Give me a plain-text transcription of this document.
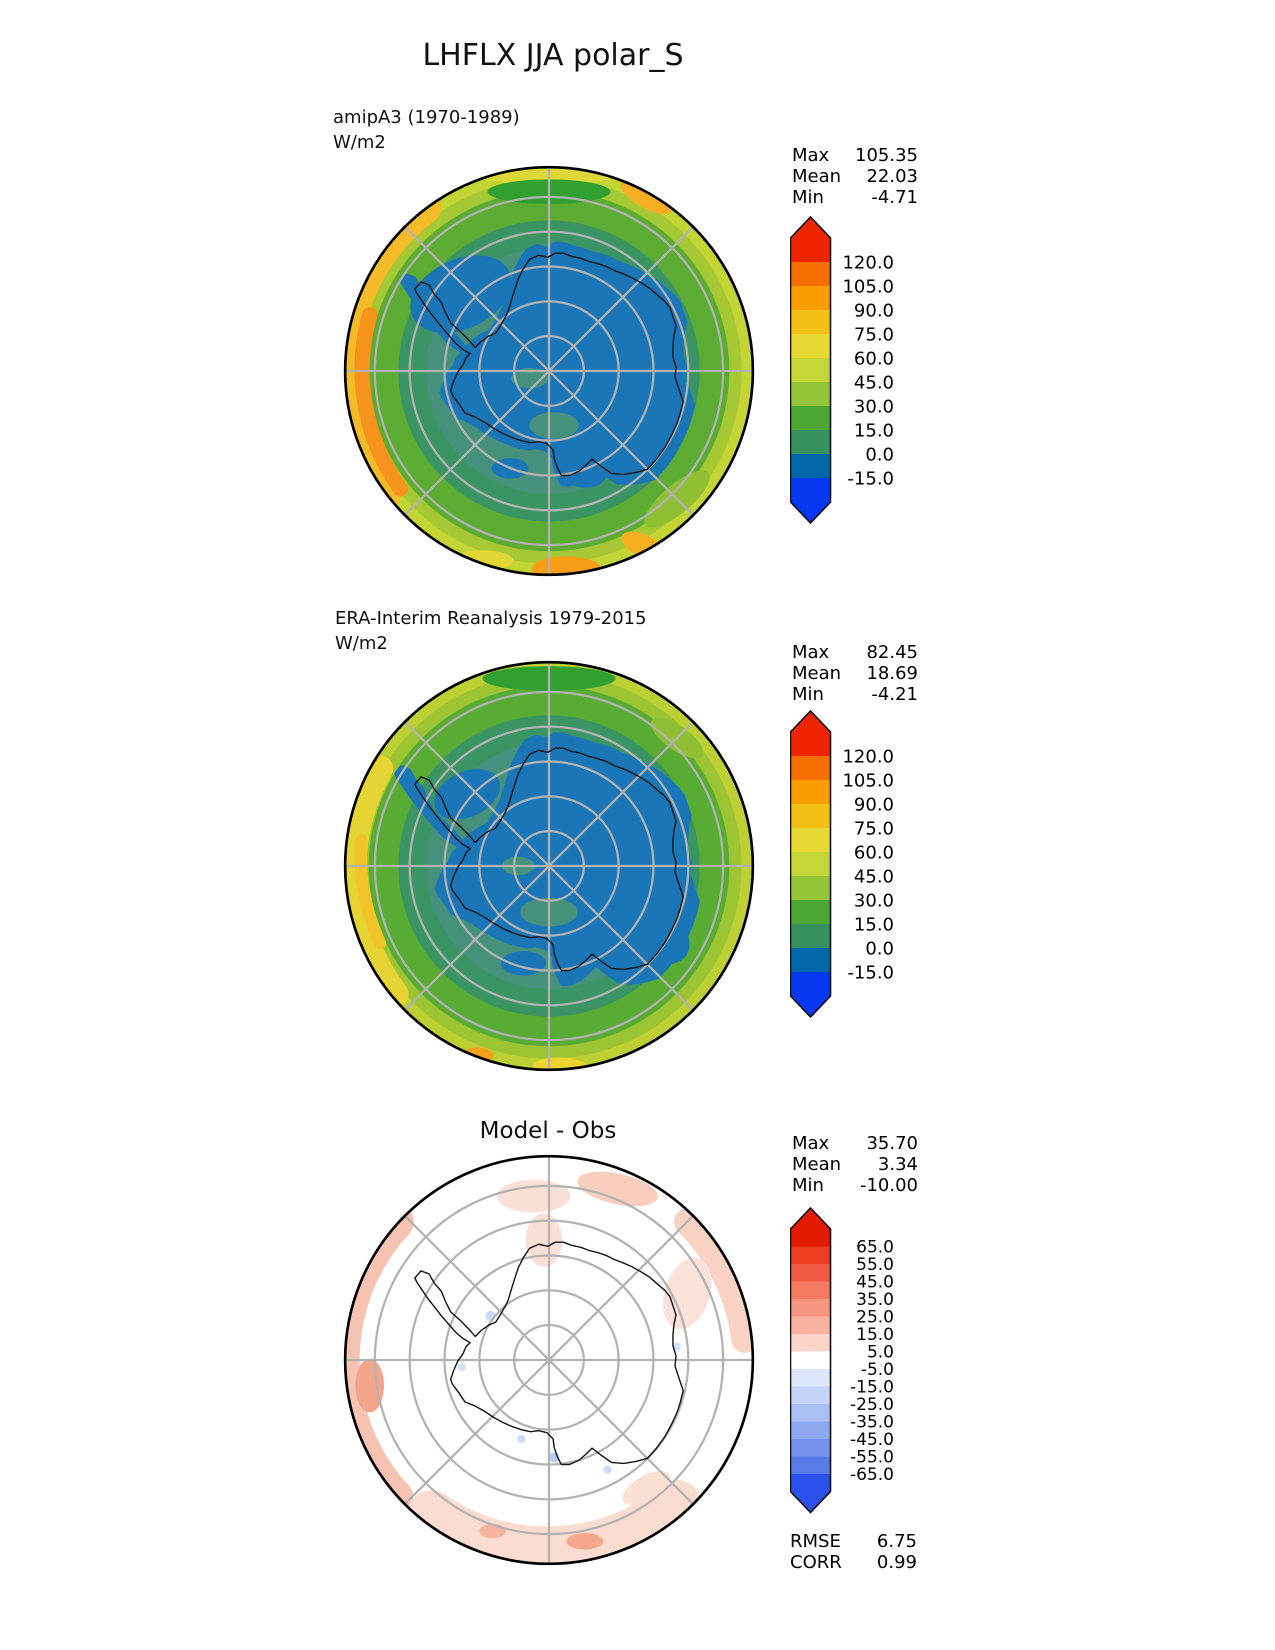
LHFLX JJA polar_S
amipA3 (1970-1989)
W/m2
Max 105.35
Mean 22.03
Min	-4.71
120.0
105.0
90.0
75.0
60.0
45.0
30.0
15.0
0.0
-15.0
ERA-Interim Reanalysis 1979-2015
W/m2	Max 82.45
Mean 18.69
Min	-4.21
120.0
105.0
90.0
75.0
60.0
45.0
30.0
15.0
0.0
-15.0
Model - Obs	Max 35.70
Mean 3.34
Min -10.00
65.0
55.0
45.0
35.0
25.0
15.0
5.0
-5.0
-15.0
-25.0
-35.0
-45.0
-55.0
-65.0
RMSE 6.75
CORR 0.99
